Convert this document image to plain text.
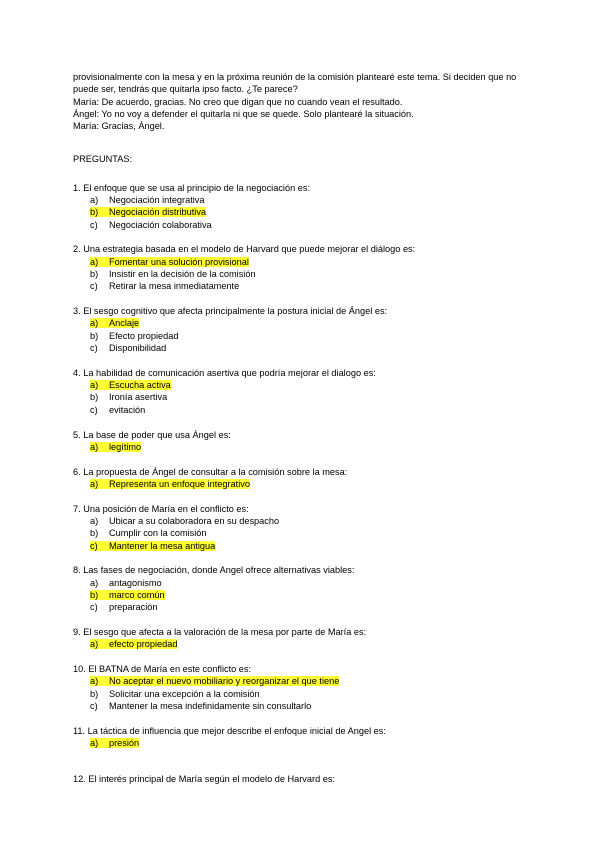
provisionalmente con la mesa y en la próxima reunión de la comisión plantearé este tema. Si deciden que no puede ser, tendrás que quitarla ipso facto. ¿Te parece?

María: De acuerdo, gracias. No creo que digan que no cuando vean el resultado.

Ángel: Yo no voy a defender el quitarla ni que se quede. Solo plantearé la situación.

María: Gracias, Ángel.

PREGUNTAS:
1. El enfoque que se usa al principio de la negociación es:
a) Negociación integrativa
b) Negociación distributiva
c) Negociación colaborativa
2. Una estrategia basada en el modelo de Harvard que puede mejorar el diálogo es:
a) Fomentar una solución provisional
b) Insistir en la decisión de la comisión
c) Retirar la mesa inmediatamente
3. El sesgo cognitivo que afecta principalmente la postura inicial de Ángel es:
a) Anclaje
b) Efecto propiedad
c) Disponibilidad
4. La habilidad de comunicación asertiva que podría mejorar el dialogo es:
a) Escucha activa
b) Ironía asertiva
c) evitación
5. La base de poder que usa Ángel es:
a) legítimo
6. La propuesta de Ángel de consultar a la comisión sobre la mesa:
a) Representa un enfoque integrativo
7. Una posición de María en el conflicto es:
a) Ubicar a su colaboradora en su despacho
b) Cumplir con la comisión
c) Mantener la mesa antigua
8. Las fases de negociación, donde Angel ofrece alternativas viables:
a) antagonismo
b) marco común
c) preparación
9. El sesgo que afecta a la valoración de la mesa por parte de María es:
a) efecto propiedad
10. El BATNA de María en este conflicto es:
a) No aceptar el nuevo mobiliario y reorganizar el que tiene
b) Solicitar una excepción a la comisión
c) Mantener la mesa indefinidamente sin consultarlo
11. La táctica de influencia que mejor describe el enfoque inicial de Angel es:
a) presión
12. El interés principal de María según el modelo de Harvard es:
